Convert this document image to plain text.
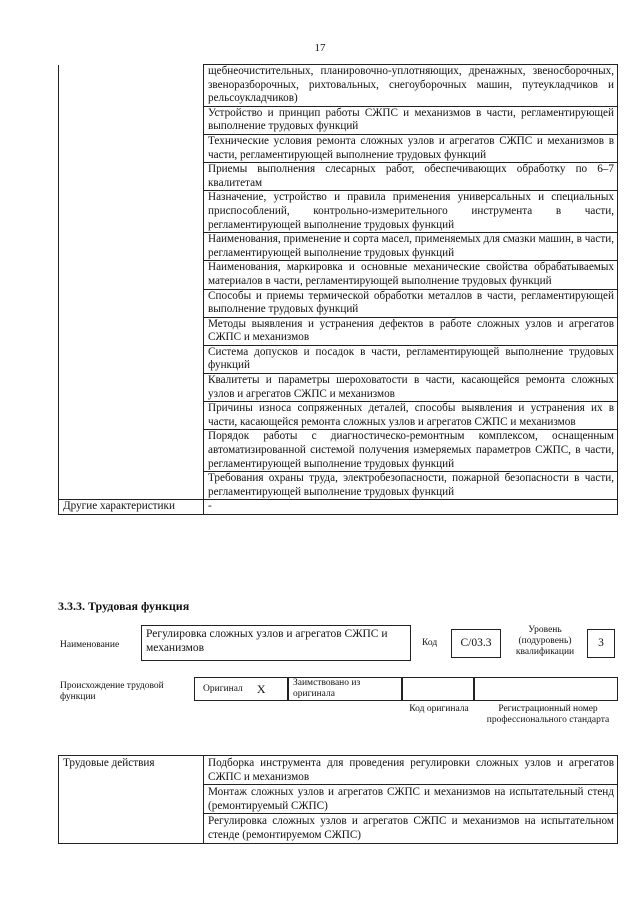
17
	щебнеочистительных, планировочно-уплотняющих, дренажных, звеносборочных, звеноразборочных, рихтовальных, снегоуборочных машин, путеукладчиков и рельсоукладчиков)
	Устройство и принцип работы СЖПС и механизмов в части, регламентирующей выполнение трудовых функций
	Технические условия ремонта сложных узлов и агрегатов СЖПС и механизмов в части, регламентирующей выполнение трудовых функций
	Приемы выполнения слесарных работ, обеспечивающих обработку по 6–7 квалитетам
	Назначение, устройство и правила применения универсальных и специальных приспособлений, контрольно-измерительного инструмента в части, регламентирующей выполнение трудовых функций
	Наименования, применение и сорта масел, применяемых для смазки машин, в части, регламентирующей выполнение трудовых функций
	Наименования, маркировка и основные механические свойства обрабатываемых материалов в части, регламентирующей выполнение трудовых функций
	Способы и приемы термической обработки металлов в части, регламентирующей выполнение трудовых функций
	Методы выявления и устранения дефектов в работе сложных узлов и агрегатов СЖПС и механизмов
	Система допусков и посадок в части, регламентирующей выполнение трудовых функций
	Квалитеты и параметры шероховатости в части, касающейся ремонта сложных узлов и агрегатов СЖПС и механизмов
	Причины износа сопряженных деталей, способы выявления и устранения их в части, касающейся ремонта сложных узлов и агрегатов СЖПС и механизмов
	Порядок работы с диагностическо-ремонтным комплексом, оснащенным автоматизированной системой получения измеряемых параметров СЖПС, в части, регламентирующей выполнение трудовых функций
	Требования охраны труда, электробезопасности, пожарной безопасности в части, регламентирующей выполнение трудовых функций
Другие характеристики	-
3.3.3. Трудовая функция
Наименование
Регулировка сложных узлов и агрегатов СЖПС и механизмов	Код	С/03.3
Уровень (подуровень) квалификации
3
Происхождение трудовой функции
Оригинал X	Заимствовано из оригинала
Код оригинала	Регистрационный номер профессионального стандарта
Трудовые действия	Подборка инструмента для проведения регулировки сложных узлов и агрегатов СЖПС и механизмов
	Монтаж сложных узлов и агрегатов СЖПС и механизмов на испытательный стенд (ремонтируемый СЖПС)
	Регулировка сложных узлов и агрегатов СЖПС и механизмов на испытательном стенде (ремонтируемом СЖПС)
